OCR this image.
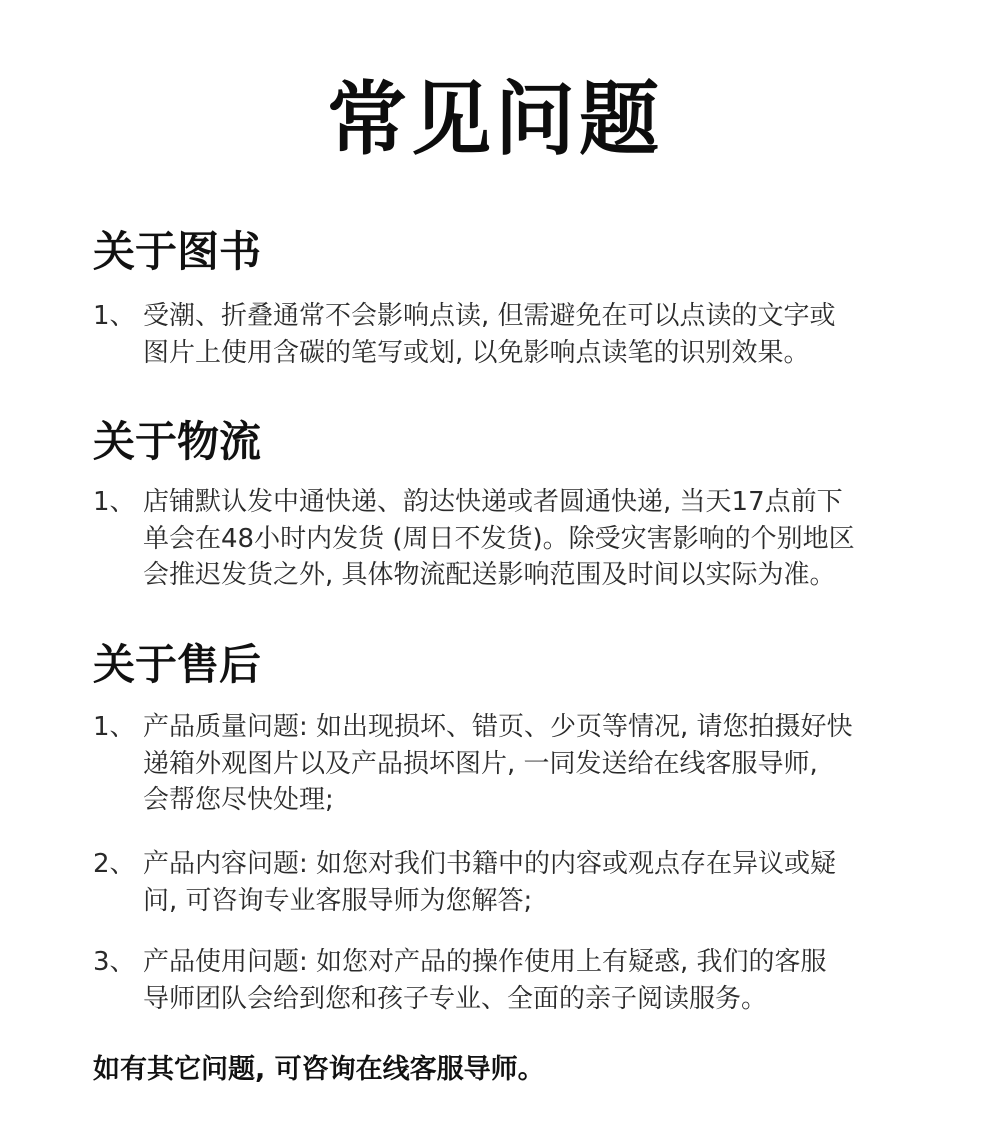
常见问题
关于图书
1、 受潮、折叠通常不会影响点读, 但需避免在可以点读的文字或
图片上使用含碳的笔写或划, 以免影响点读笔的识别效果。
关于物流
1、 店铺默认发中通快递、韵达快递或者圆通快递, 当天17点前下
单会在48小时内发货 (周日不发货)。除受灾害影响的个别地区
会推迟发货之外, 具体物流配送影响范围及时间以实际为准。
关于售后
1、 产品质量问题: 如出现损坏、错页、少页等情况, 请您拍摄好快
递箱外观图片以及产品损坏图片, 一同发送给在线客服导师,
会帮您尽快处理;
2、 产品内容问题: 如您对我们书籍中的内容或观点存在异议或疑
问, 可咨询专业客服导师为您解答;
3、 产品使用问题: 如您对产品的操作使用上有疑惑, 我们的客服
导师团队会给到您和孩子专业、全面的亲子阅读服务。
如有其它问题, 可咨询在线客服导师。
